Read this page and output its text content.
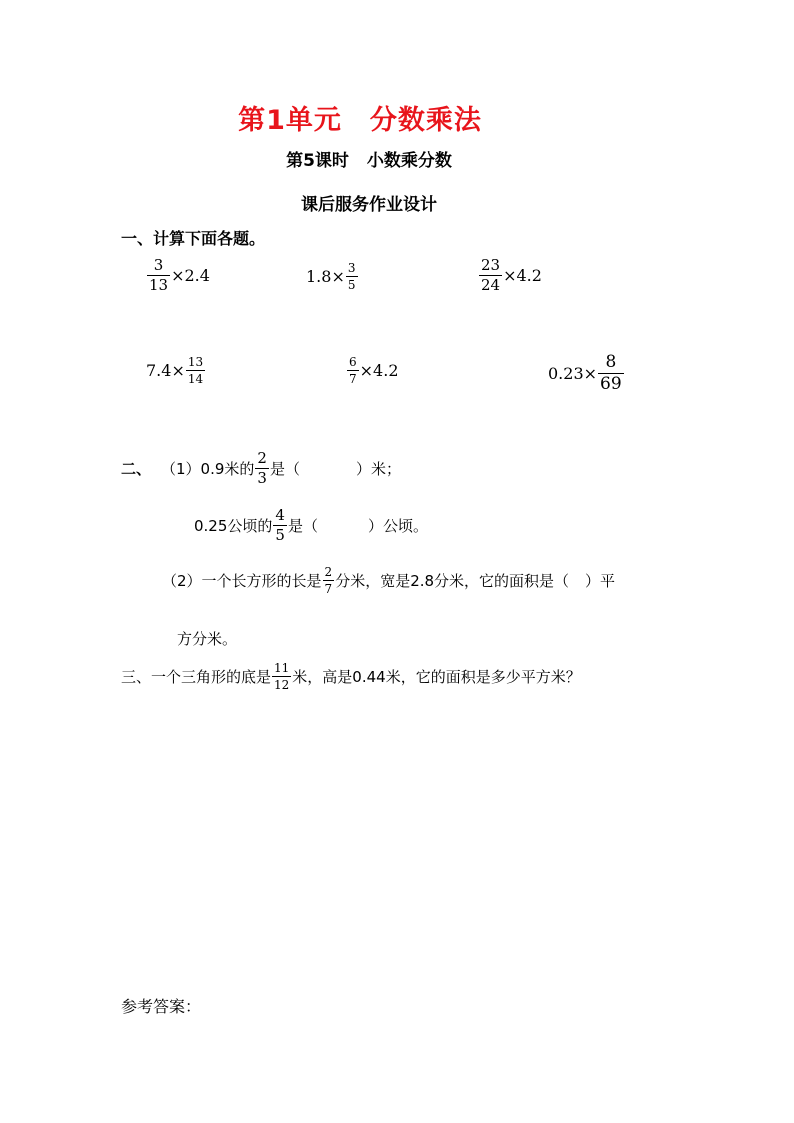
第1单元 分数乘法
第5课时 小数乘分数
课后服务作业设计
一、计算下面各题。
$\frac{3}{13} \times 2.4$	$1.8\times \frac{3}{5}$	$\frac{23}{24} \times 4.2$
$7.4\times \frac{13}{14}$	$\frac{6}{7} \times 4.2$	$0.23\times \frac{8}{69}$
二、 （1）0.9米的 $\frac{2}{3}$ 是（	）米；
0.25公顷的 $\frac{4}{5}$ 是（	）公顷。
（2）一个长方形的长是 $\frac{2}{7}$ 分米，宽是2.8分米，它的面积是（ ）平
方分米。
三、一个三角形的底是 $\frac{11}{12}$ 米，高是0.44米，它的面积是多少平方米？
参考答案：
